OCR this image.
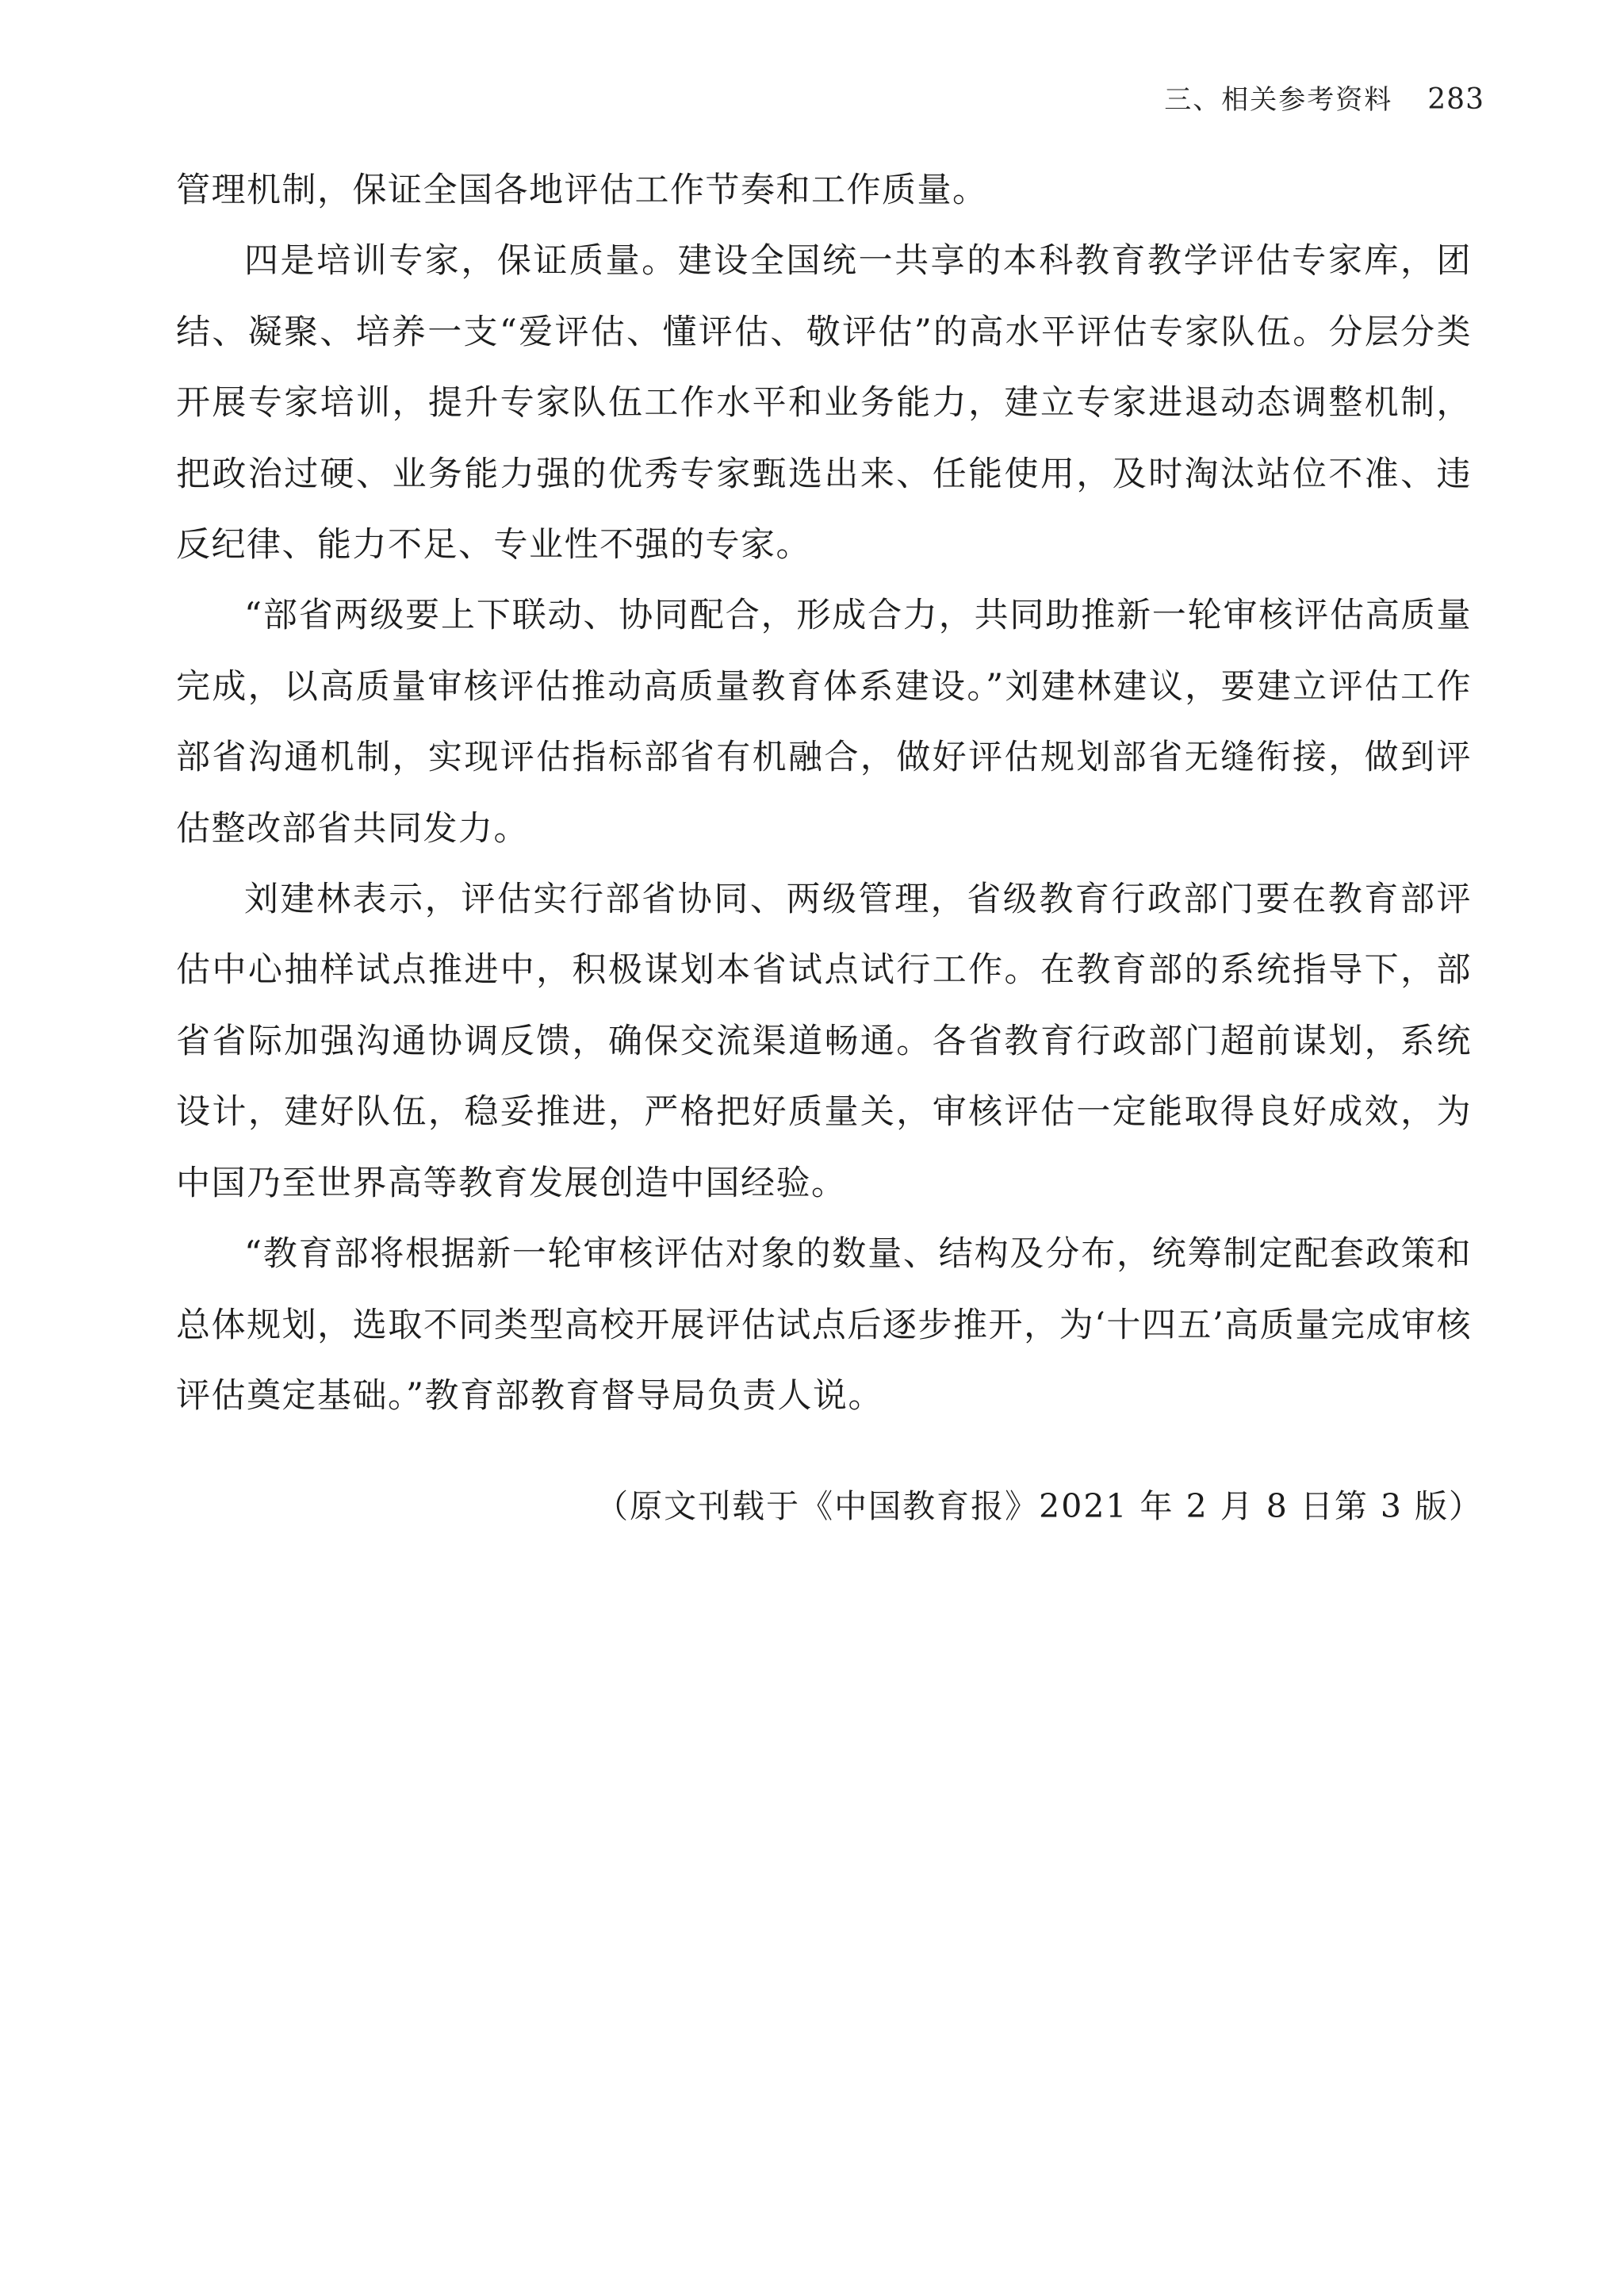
三、相关参考资料 283

管理机制，保证全国各地评估工作节奏和工作质量。

四是培训专家，保证质量。建设全国统一共享的本科教育教学评估专家库，团结、凝聚、培养一支“爱评估、懂评估、敬评估”的高水平评估专家队伍。分层分类开展专家培训，提升专家队伍工作水平和业务能力，建立专家进退动态调整机制，把政治过硬、业务能力强的优秀专家甄选出来、任能使用，及时淘汰站位不准、违反纪律、能力不足、专业性不强的专家。

“部省两级要上下联动、协同配合，形成合力，共同助推新一轮审核评估高质量完成，以高质量审核评估推动高质量教育体系建设。”刘建林建议，要建立评估工作部省沟通机制，实现评估指标部省有机融合，做好评估规划部省无缝衔接，做到评估整改部省共同发力。

刘建林表示，评估实行部省协同、两级管理，省级教育行政部门要在教育部评估中心抽样试点推进中，积极谋划本省试点试行工作。在教育部的系统指导下，部省省际加强沟通协调反馈，确保交流渠道畅通。各省教育行政部门超前谋划，系统设计，建好队伍，稳妥推进，严格把好质量关，审核评估一定能取得良好成效，为中国乃至世界高等教育发展创造中国经验。

“教育部将根据新一轮审核评估对象的数量、结构及分布，统筹制定配套政策和总体规划，选取不同类型高校开展评估试点后逐步推开，为‘十四五’高质量完成审核评估奠定基础。”教育部教育督导局负责人说。

（原文刊载于《中国教育报》2021 年 2 月 8 日第 3 版）
